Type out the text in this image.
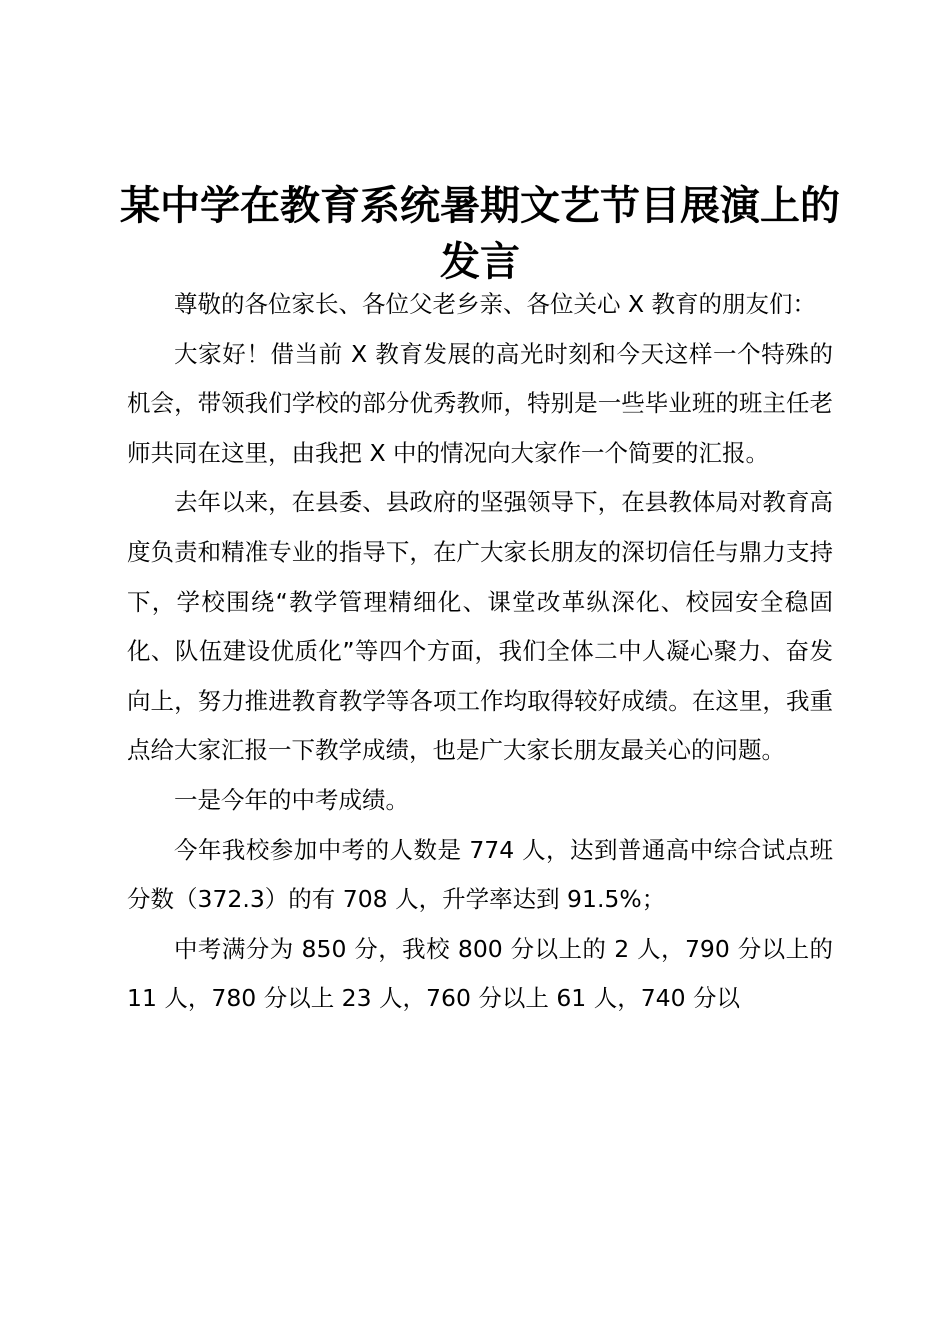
某中学在教育系统暑期文艺节目展演上的发言

尊敬的各位家长、各位父老乡亲、各位关心 X 教育的朋友们：

大家好！借当前 X 教育发展的高光时刻和今天这样一个特殊的机会，带领我们学校的部分优秀教师，特别是一些毕业班的班主任老师共同在这里，由我把 X 中的情况向大家作一个简要的汇报。

去年以来，在县委、县政府的坚强领导下，在县教体局对教育高度负责和精准专业的指导下，在广大家长朋友的深切信任与鼎力支持下，学校围绕“教学管理精细化、课堂改革纵深化、校园安全稳固化、队伍建设优质化”等四个方面，我们全体二中人凝心聚力、奋发向上，努力推进教育教学等各项工作均取得较好成绩。在这里，我重点给大家汇报一下教学成绩，也是广大家长朋友最关心的问题。

一是今年的中考成绩。

今年我校参加中考的人数是 774 人，达到普通高中综合试点班分数（372.3）的有 708 人，升学率达到 91.5%；

中考满分为 850 分，我校 800 分以上的 2 人，790 分以上的 11 人，780 分以上 23 人，760 分以上 61 人，740 分以
